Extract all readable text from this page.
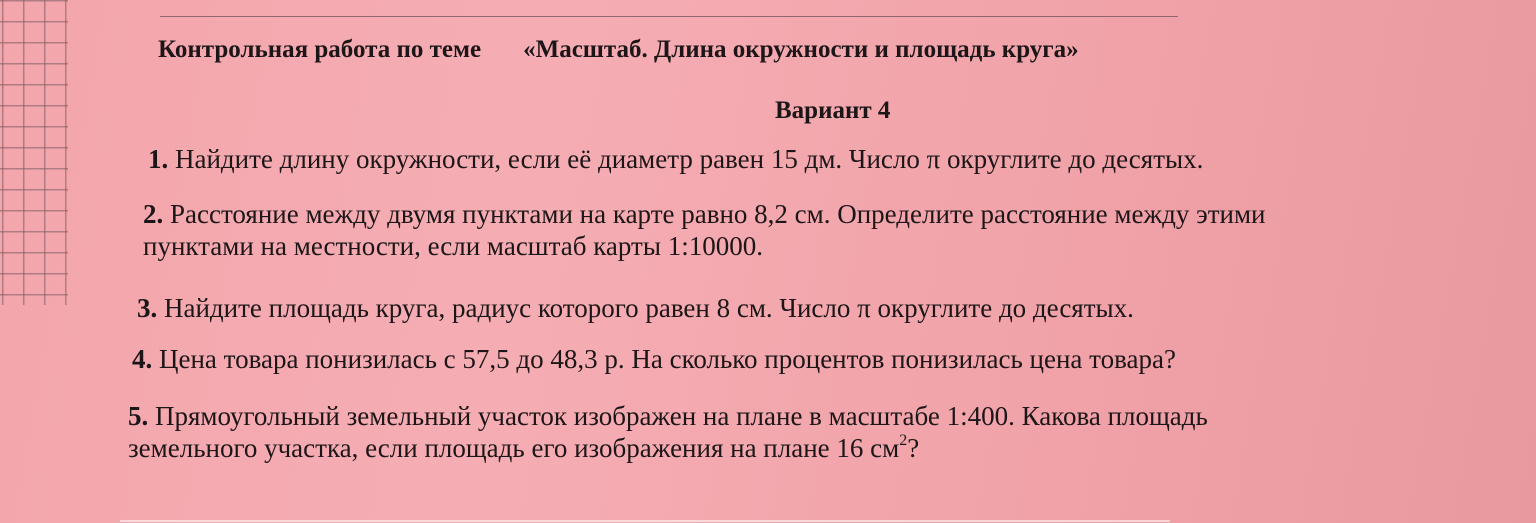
Контрольная работа по теме «Масштаб. Длина окружности и площадь круга»
Вариант 4
1. Найдите длину окружности, если её диаметр равен 15 дм. Число π округлите до десятых.
2. Расстояние между двумя пунктами на карте равно 8,2 см. Определите расстояние между этими
пунктами на местности, если масштаб карты 1:10000.
3. Найдите площадь круга, радиус которого равен 8 см. Число π округлите до десятых.
4. Цена товара понизилась с 57,5 до 48,3 р. На сколько процентов понизилась цена товара?
5. Прямоугольный земельный участок изображен на плане в масштабе 1:400. Какова площадь
земельного участка, если площадь его изображения на плане 16 $см^2$?
